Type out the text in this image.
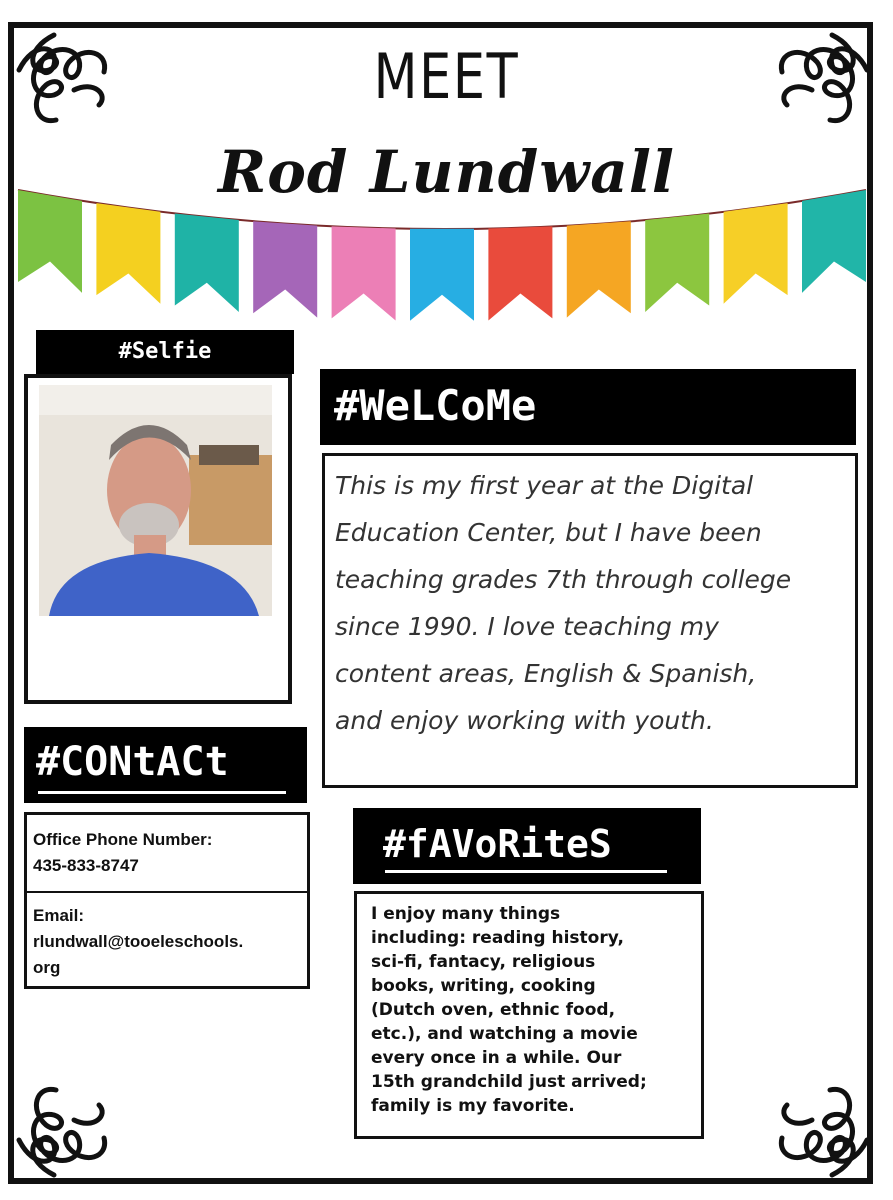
MEET
Rod Lundwall
#Selfie
#WeLCoMe
This is my first year at the Digital
Education Center, but I have been
teaching grades 7th through college
since 1990. I love teaching my
content areas, English & Spanish,
and enjoy working with youth.
#CONtACt
Office Phone Number:
435-833-8747
Email:
rlundwall@tooeleschools.
org
#fAVoRiteS
I enjoy many things
including: reading history,
sci-fi, fantacy, religious
books, writing, cooking
(Dutch oven, ethnic food,
etc.), and watching a movie
every once in a while. Our
15th grandchild just arrived;
family is my favorite.
